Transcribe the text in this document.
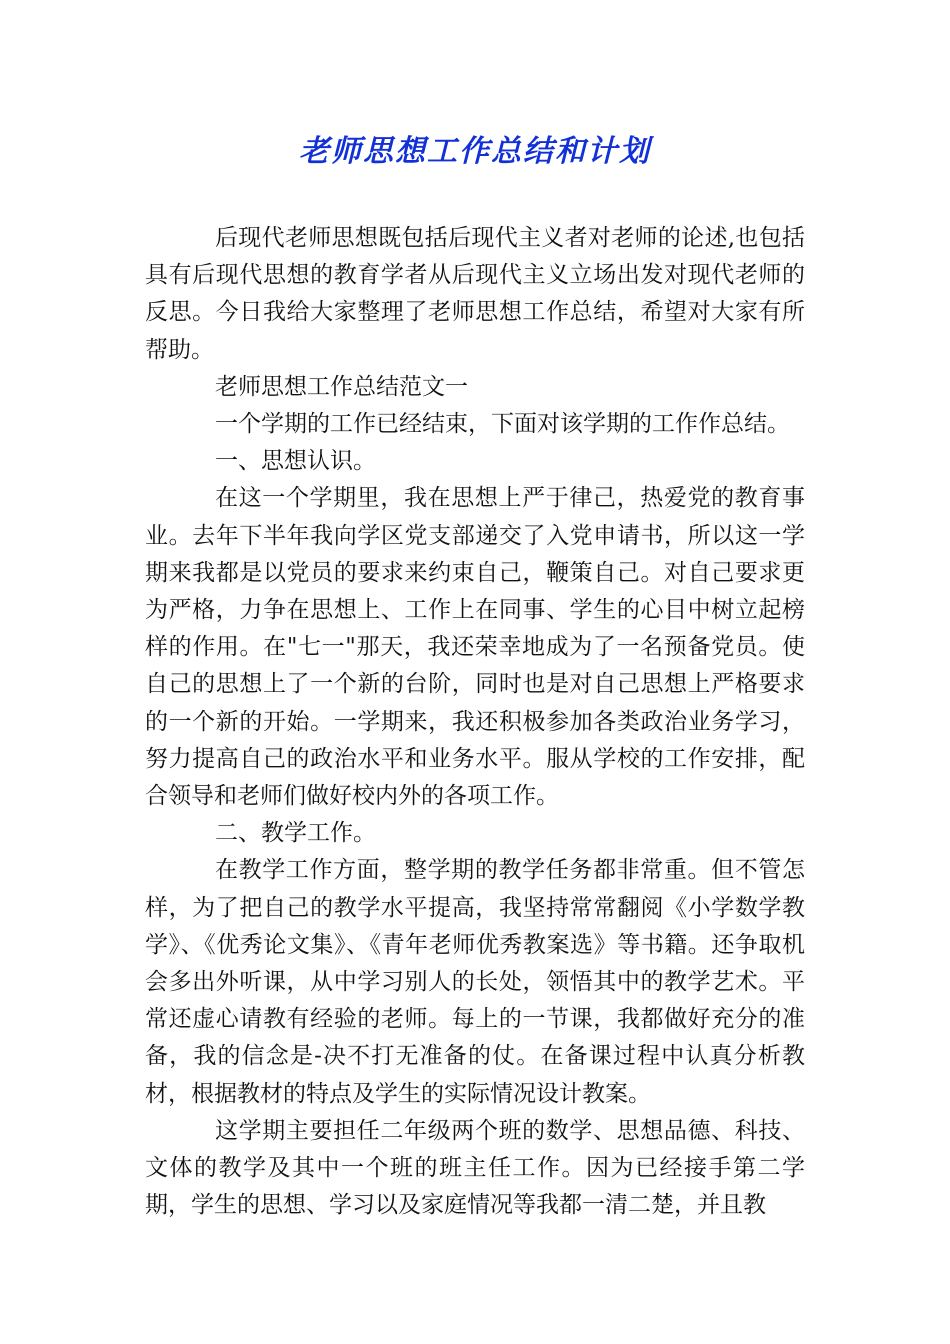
老师思想工作总结和计划

后现代老师思想既包括后现代主义者对老师的论述,也包括具有后现代思想的教育学者从后现代主义立场出发对现代老师的反思。今日我给大家整理了老师思想工作总结，希望对大家有所帮助。

老师思想工作总结范文一

一个学期的工作已经结束，下面对该学期的工作作总结。

一、思想认识。

在这一个学期里，我在思想上严于律己，热爱党的教育事业。去年下半年我向学区党支部递交了入党申请书，所以这一学期来我都是以党员的要求来约束自己，鞭策自己。对自己要求更为严格，力争在思想上、工作上在同事、学生的心目中树立起榜样的作用。在"七一"那天，我还荣幸地成为了一名预备党员。使自己的思想上了一个新的台阶，同时也是对自己思想上严格要求的一个新的开始。一学期来，我还积极参加各类政治业务学习，努力提高自己的政治水平和业务水平。服从学校的工作安排，配合领导和老师们做好校内外的各项工作。

二、教学工作。

在教学工作方面，整学期的教学任务都非常重。但不管怎样，为了把自己的教学水平提高，我坚持常常翻阅《小学数学教学》、《优秀论文集》、《青年老师优秀教案选》等书籍。还争取机会多出外听课，从中学习别人的长处，领悟其中的教学艺术。平常还虚心请教有经验的老师。每上的一节课，我都做好充分的准备，我的信念是-决不打无准备的仗。在备课过程中认真分析教材，根据教材的特点及学生的实际情况设计教案。

这学期主要担任二年级两个班的数学、思想品德、科技、文体的教学及其中一个班的班主任工作。因为已经接手第二学期，学生的思想、学习以及家庭情况等我都一清二楚，并且教
